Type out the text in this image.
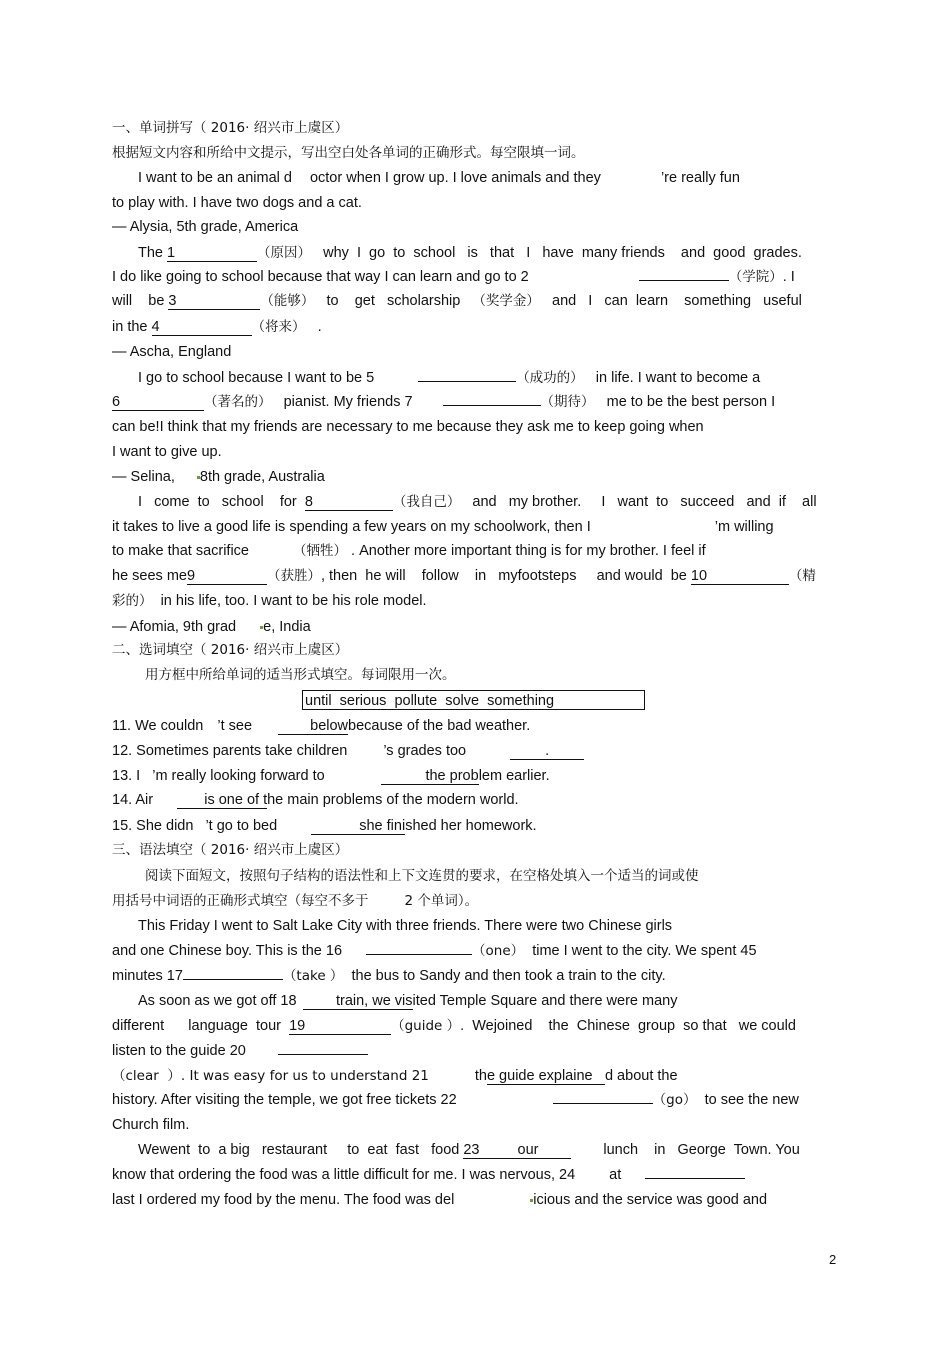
一、单词拼写（ 2016· 绍兴市上虞区）
根据短文内容和所给中文提示，写出空白处各单词的正确形式。每空限填一词。
I want to be an animal d octor when I grow up. I love animals and they	’re really fun
to play with. I have two dogs and a cat.
— Alysia, 5th grade, America
The 1	（原因） why  I  go  to  school   is   that   I   have  many friends    and  good  grades.
I do like going to school because that way I can learn and go to 2	（学院）. I
will    be 3	（能够） to    get   scholarship （奖学金） and   I   can  learn    something   useful
in the 4	（将来） .
— Ascha, England
I go to school because I want to be 5	（成功的） in life. I want to become a
6	（著名的） pianist. My friends 7	（期待） me to be the best person I
can be!I think that my friends are necessary to me because they ask me to keep going when
I want to give up.
— Selina, 8th grade, Australia
I   come  to   school    for  8	（我自己） and   my brother.     I   want  to   succeed   and  if    all
it takes to live a good life is spending a few years on my schoolwork, then I	’m willing
to make that sacrifice	（牺牲） . Another more important thing is for my brother. I feel if
he sees me9	（获胜）, then  he will    follow    in   myfootsteps     and would  be 10	（精
彩的） in his life, too. I want to be his role model.
— Afomia, 9th grad e, India
二、选词填空（ 2016· 绍兴市上虞区）
用方框中所给单词的适当形式填空。每词限用一次。
until  serious  pollute  solve  something
11. We couldn ’t see	belowbecause of the bad weather.
12. Sometimes parents take children ’s grades too	.
13. I ’m really looking forward to	the problem earlier.
14. Air	is one of the main problems of the modern world.
15. She didn ’t go to bed	she finished her homework.
三、语法填空（ 2016· 绍兴市上虞区）
阅读下面短文，按照句子结构的语法性和上下文连贯的要求，在空格处填入一个适当的词或使
用括号中词语的正确形式填空（每空不多于	2 个单词）。
This Friday I went to Salt Lake City with three friends. There were two Chinese girls
and one Chinese boy. This is the 16	（one） time I went to the city. We spent 45
minutes 17	（take ） the bus to Sandy and then took a train to the city.
As soon as we got off 18	train, we visited Temple Square and there were many
different      language  tour  19	（guide ）.  Wejoined    the  Chinese  group  so that   we could
listen to the guide 20
（clear  ）. It was easy for us to understand 21	the guide explaine d about the
history. After visiting the temple, we got free tickets 22	（go） to see the new
Church film.
Wewent  to  a big   restaurant     to  eat  fast   food 23	our	lunch    in   George  Town. You
know that ordering the food was a little difficult for me. I was nervous, 24 at
last I ordered my food by the menu. The food was del	icious and the service was good and
2
